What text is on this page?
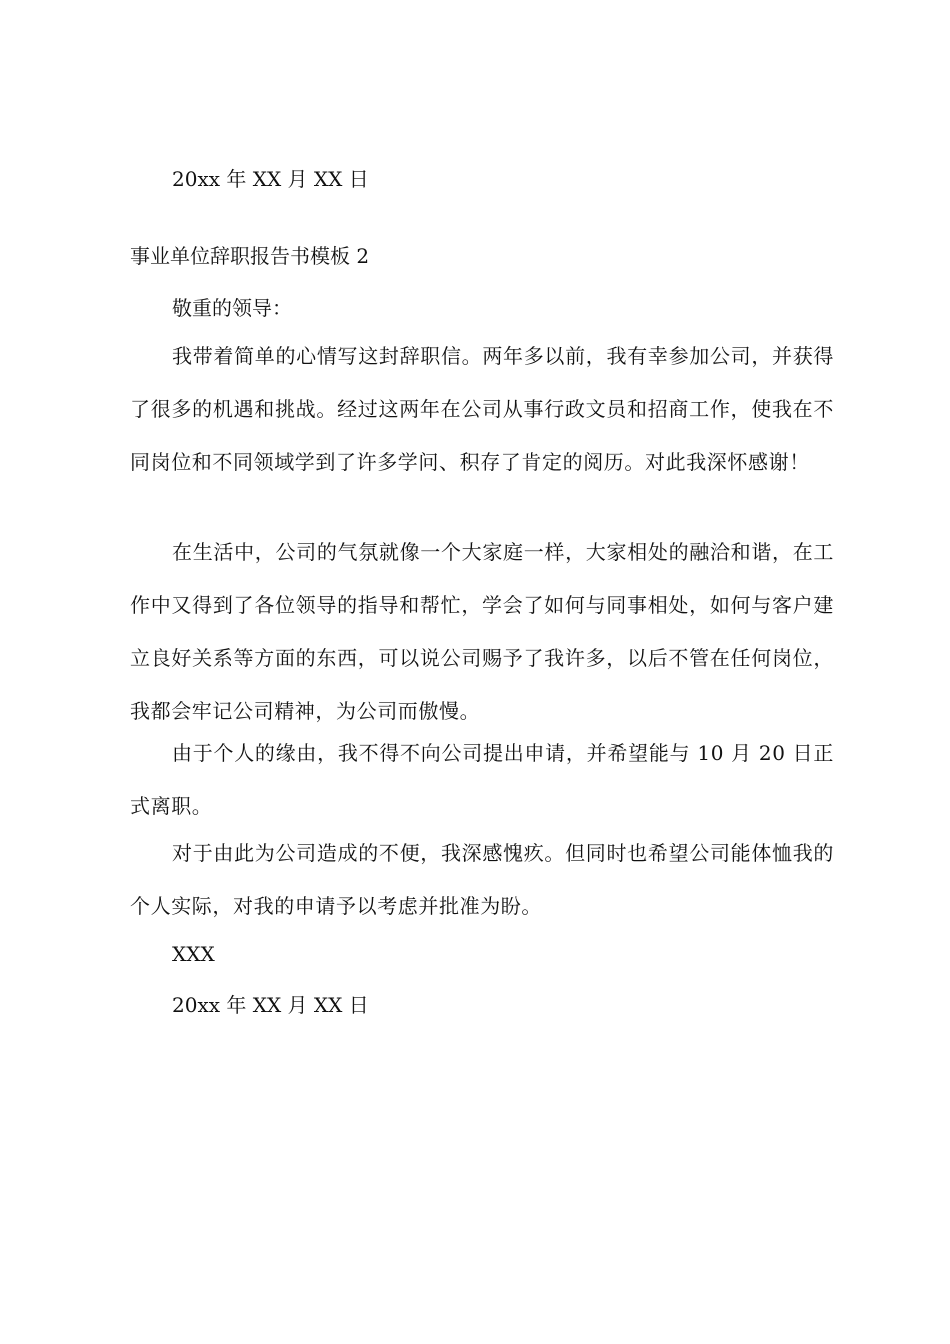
20xx 年 XX 月 XX 日

事业单位辞职报告书模板 2

敬重的领导：

我带着简单的心情写这封辞职信。两年多以前，我有幸参加公司，并获得了很多的机遇和挑战。经过这两年在公司从事行政文员和招商工作，使我在不同岗位和不同领域学到了许多学问、积存了肯定的阅历。对此我深怀感谢！

在生活中，公司的气氛就像一个大家庭一样，大家相处的融洽和谐，在工作中又得到了各位领导的指导和帮忙，学会了如何与同事相处，如何与客户建立良好关系等方面的东西，可以说公司赐予了我许多，以后不管在任何岗位，我都会牢记公司精神，为公司而傲慢。

由于个人的缘由，我不得不向公司提出申请，并希望能与 10 月 20 日正式离职。

对于由此为公司造成的不便，我深感愧疚。但同时也希望公司能体恤我的个人实际，对我的申请予以考虑并批准为盼。

XXX

20xx 年 XX 月 XX 日
